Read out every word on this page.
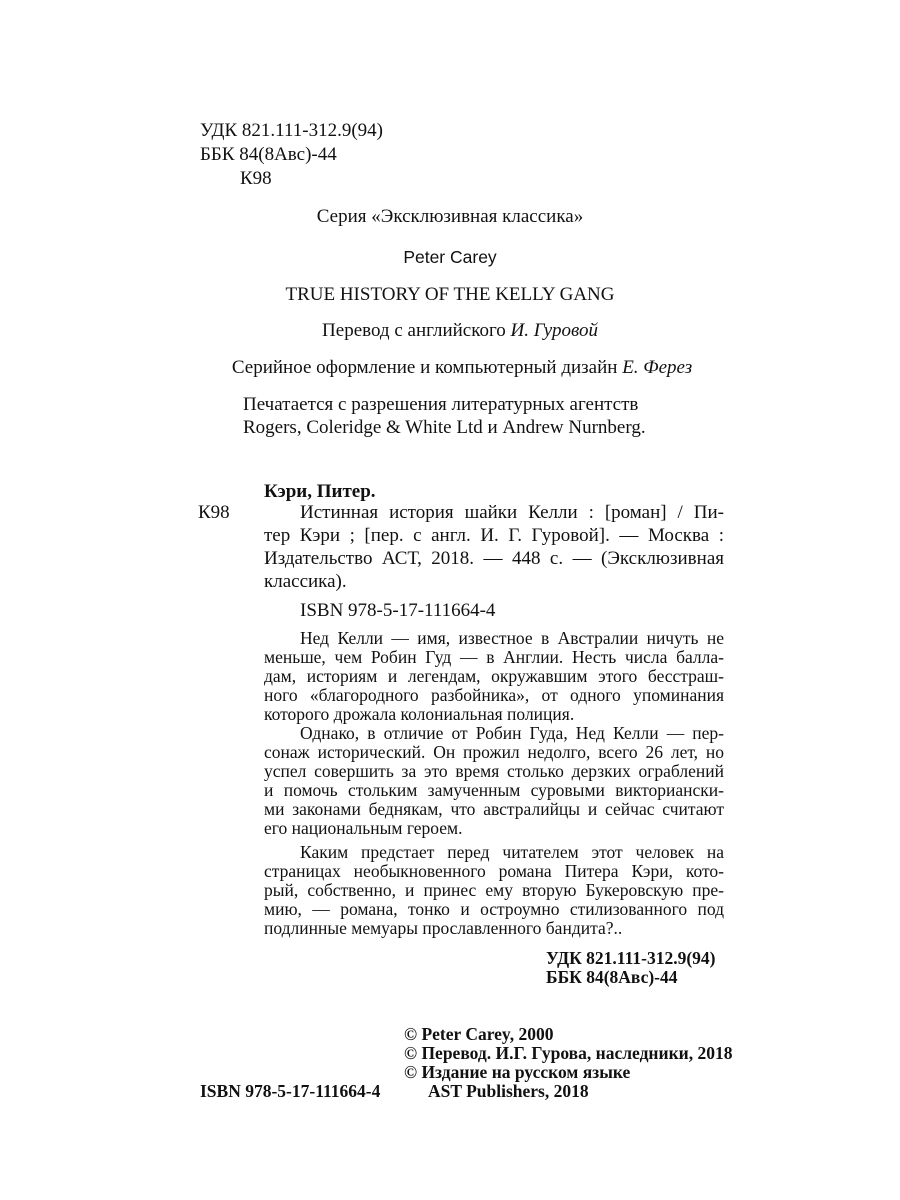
УДК 821.111-312.9(94)
ББК 84(8Авс)-44
К98
Серия «Эксклюзивная классика»
Peter Carey
TRUE HISTORY OF THE KELLY GANG
Перевод с английского И. Гуровой
Серийное оформление и компьютерный дизайн Е. Ферез
Печатается с разрешения литературных агентств
Rogers, Coleridge & White Ltd и Andrew Nurnberg.
Кэри, Питер.
К98	Истинная история шайки Келли : [роман] / Пи-
тер Кэри ; [пер. с англ. И. Г. Гуровой]. — Москва :
Издательство АСТ, 2018. — 448 с. — (Эксклюзивная
классика).
ISBN 978-5-17-111664-4
Нед Келли — имя, известное в Австралии ничуть не
меньше, чем Робин Гуд — в Англии. Несть числа балла-
дам, историям и легендам, окружавшим этого бесстраш-
ного «благородного разбойника», от одного упоминания
которого дрожала колониальная полиция.
Однако, в отличие от Робин Гуда, Нед Келли — пер-
сонаж исторический. Он прожил недолго, всего 26 лет, но
успел совершить за это время столько дерзких ограблений
и помочь стольким замученным суровыми викториански-
ми законами беднякам, что австралийцы и сейчас считают
его национальным героем.
Каким предстает перед читателем этот человек на
страницах необыкновенного романа Питера Кэри, кото-
рый, собственно, и принес ему вторую Букеровскую пре-
мию, — романа, тонко и остроумно стилизованного под
подлинные мемуары прославленного бандита?..
УДК 821.111-312.9(94)
ББК 84(8Авс)-44
© Peter Carey, 2000
© Перевод. И.Г. Гурова, наследники, 2018
© Издание на русском языке
ISBN 978-5-17-111664-4	AST Publishers, 2018
